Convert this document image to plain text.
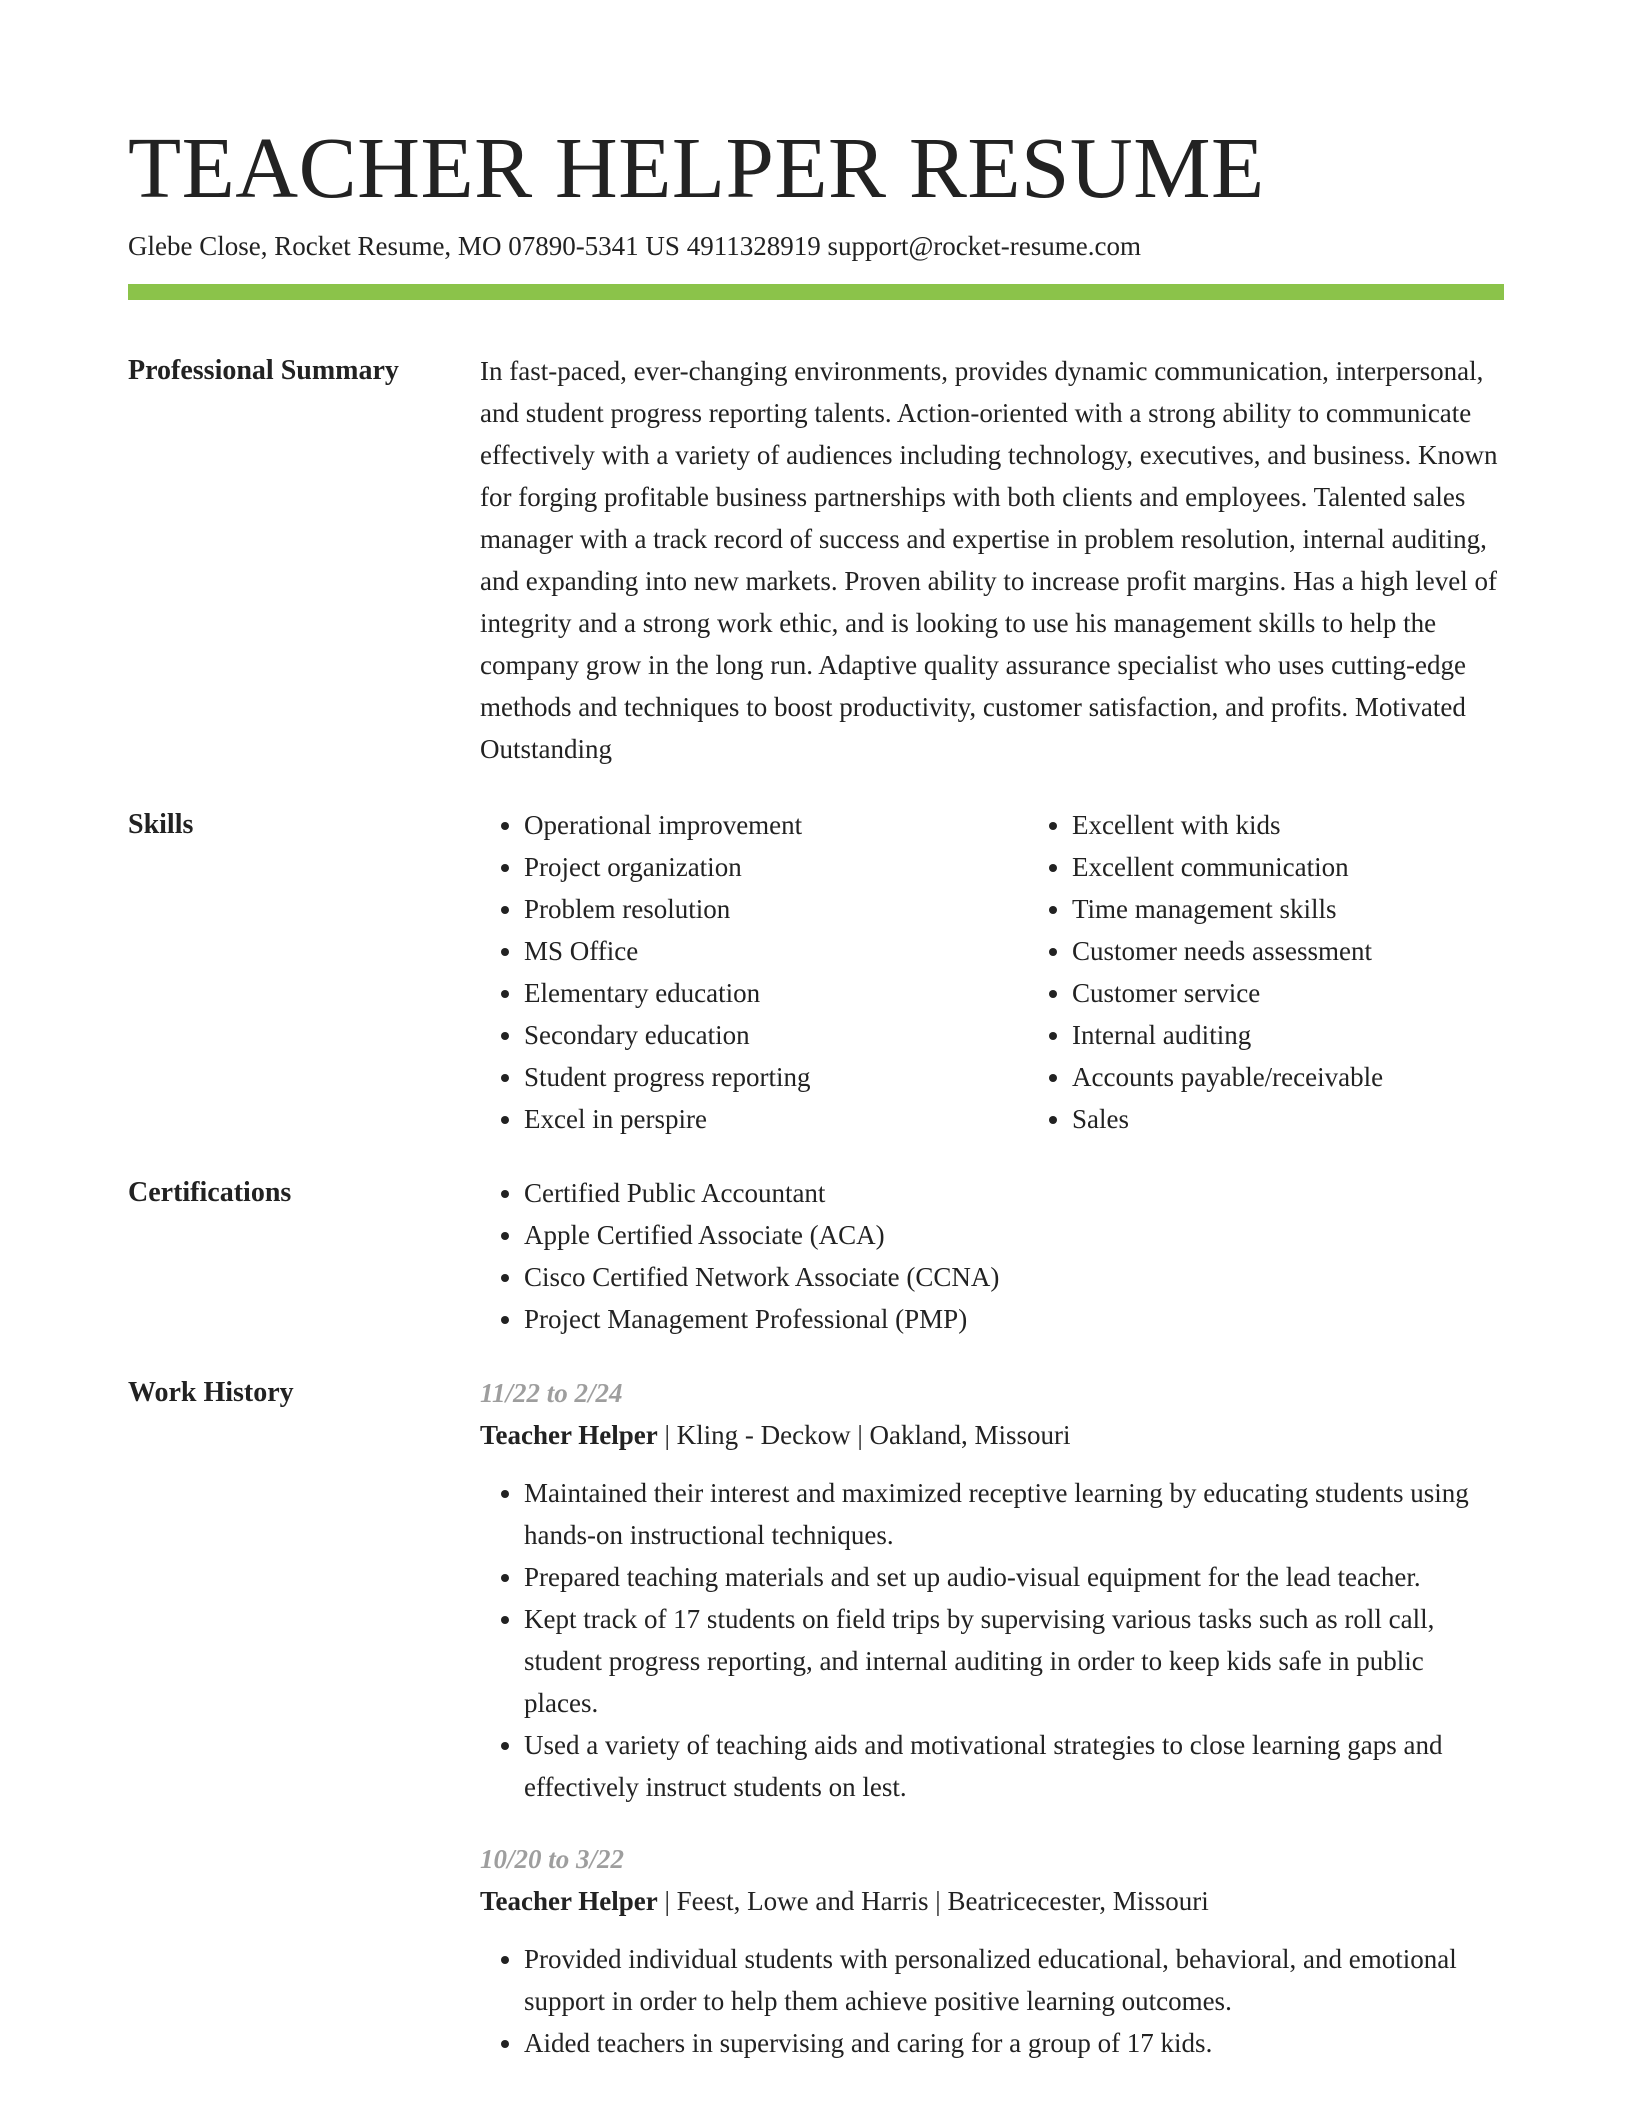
TEACHER HELPER RESUME
Glebe Close, Rocket Resume, MO 07890-5341 US 4911328919 support@rocket-resume.com
Professional Summary	In fast-paced, ever-changing environments, provides dynamic communication, interpersonal, and student progress reporting talents. Action-oriented with a strong ability to communicate effectively with a variety of audiences including technology, executives, and business. Known for forging profitable business partnerships with both clients and employees. Talented sales manager with a track record of success and expertise in problem resolution, internal auditing, and expanding into new markets. Proven ability to increase profit margins. Has a high level of integrity and a strong work ethic, and is looking to use his management skills to help the company grow in the long run. Adaptive quality assurance specialist who uses cutting-edge methods and techniques to boost productivity, customer satisfaction, and profits. Motivated Outstanding
Skills	• Operational improvement
• Project organization
• Problem resolution
• MS Office
• Elementary education
• Secondary education
• Student progress reporting
• Excel in perspire
• Excellent with kids
• Excellent communication
• Time management skills
• Customer needs assessment
• Customer service
• Internal auditing
• Accounts payable/receivable
• Sales
Certifications	• Certified Public Accountant
• Apple Certified Associate (ACA)
• Cisco Certified Network Associate (CCNA)
• Project Management Professional (PMP)
Work History	11/22 to 2/24
Teacher Helper | Kling - Deckow | Oakland, Missouri
• Maintained their interest and maximized receptive learning by educating students using hands-on instructional techniques.
• Prepared teaching materials and set up audio-visual equipment for the lead teacher.
• Kept track of 17 students on field trips by supervising various tasks such as roll call, student progress reporting, and internal auditing in order to keep kids safe in public places.
• Used a variety of teaching aids and motivational strategies to close learning gaps and effectively instruct students on lest.
10/20 to 3/22
Teacher Helper | Feest, Lowe and Harris | Beatricecester, Missouri
• Provided individual students with personalized educational, behavioral, and emotional support in order to help them achieve positive learning outcomes.
• Aided teachers in supervising and caring for a group of 17 kids.
